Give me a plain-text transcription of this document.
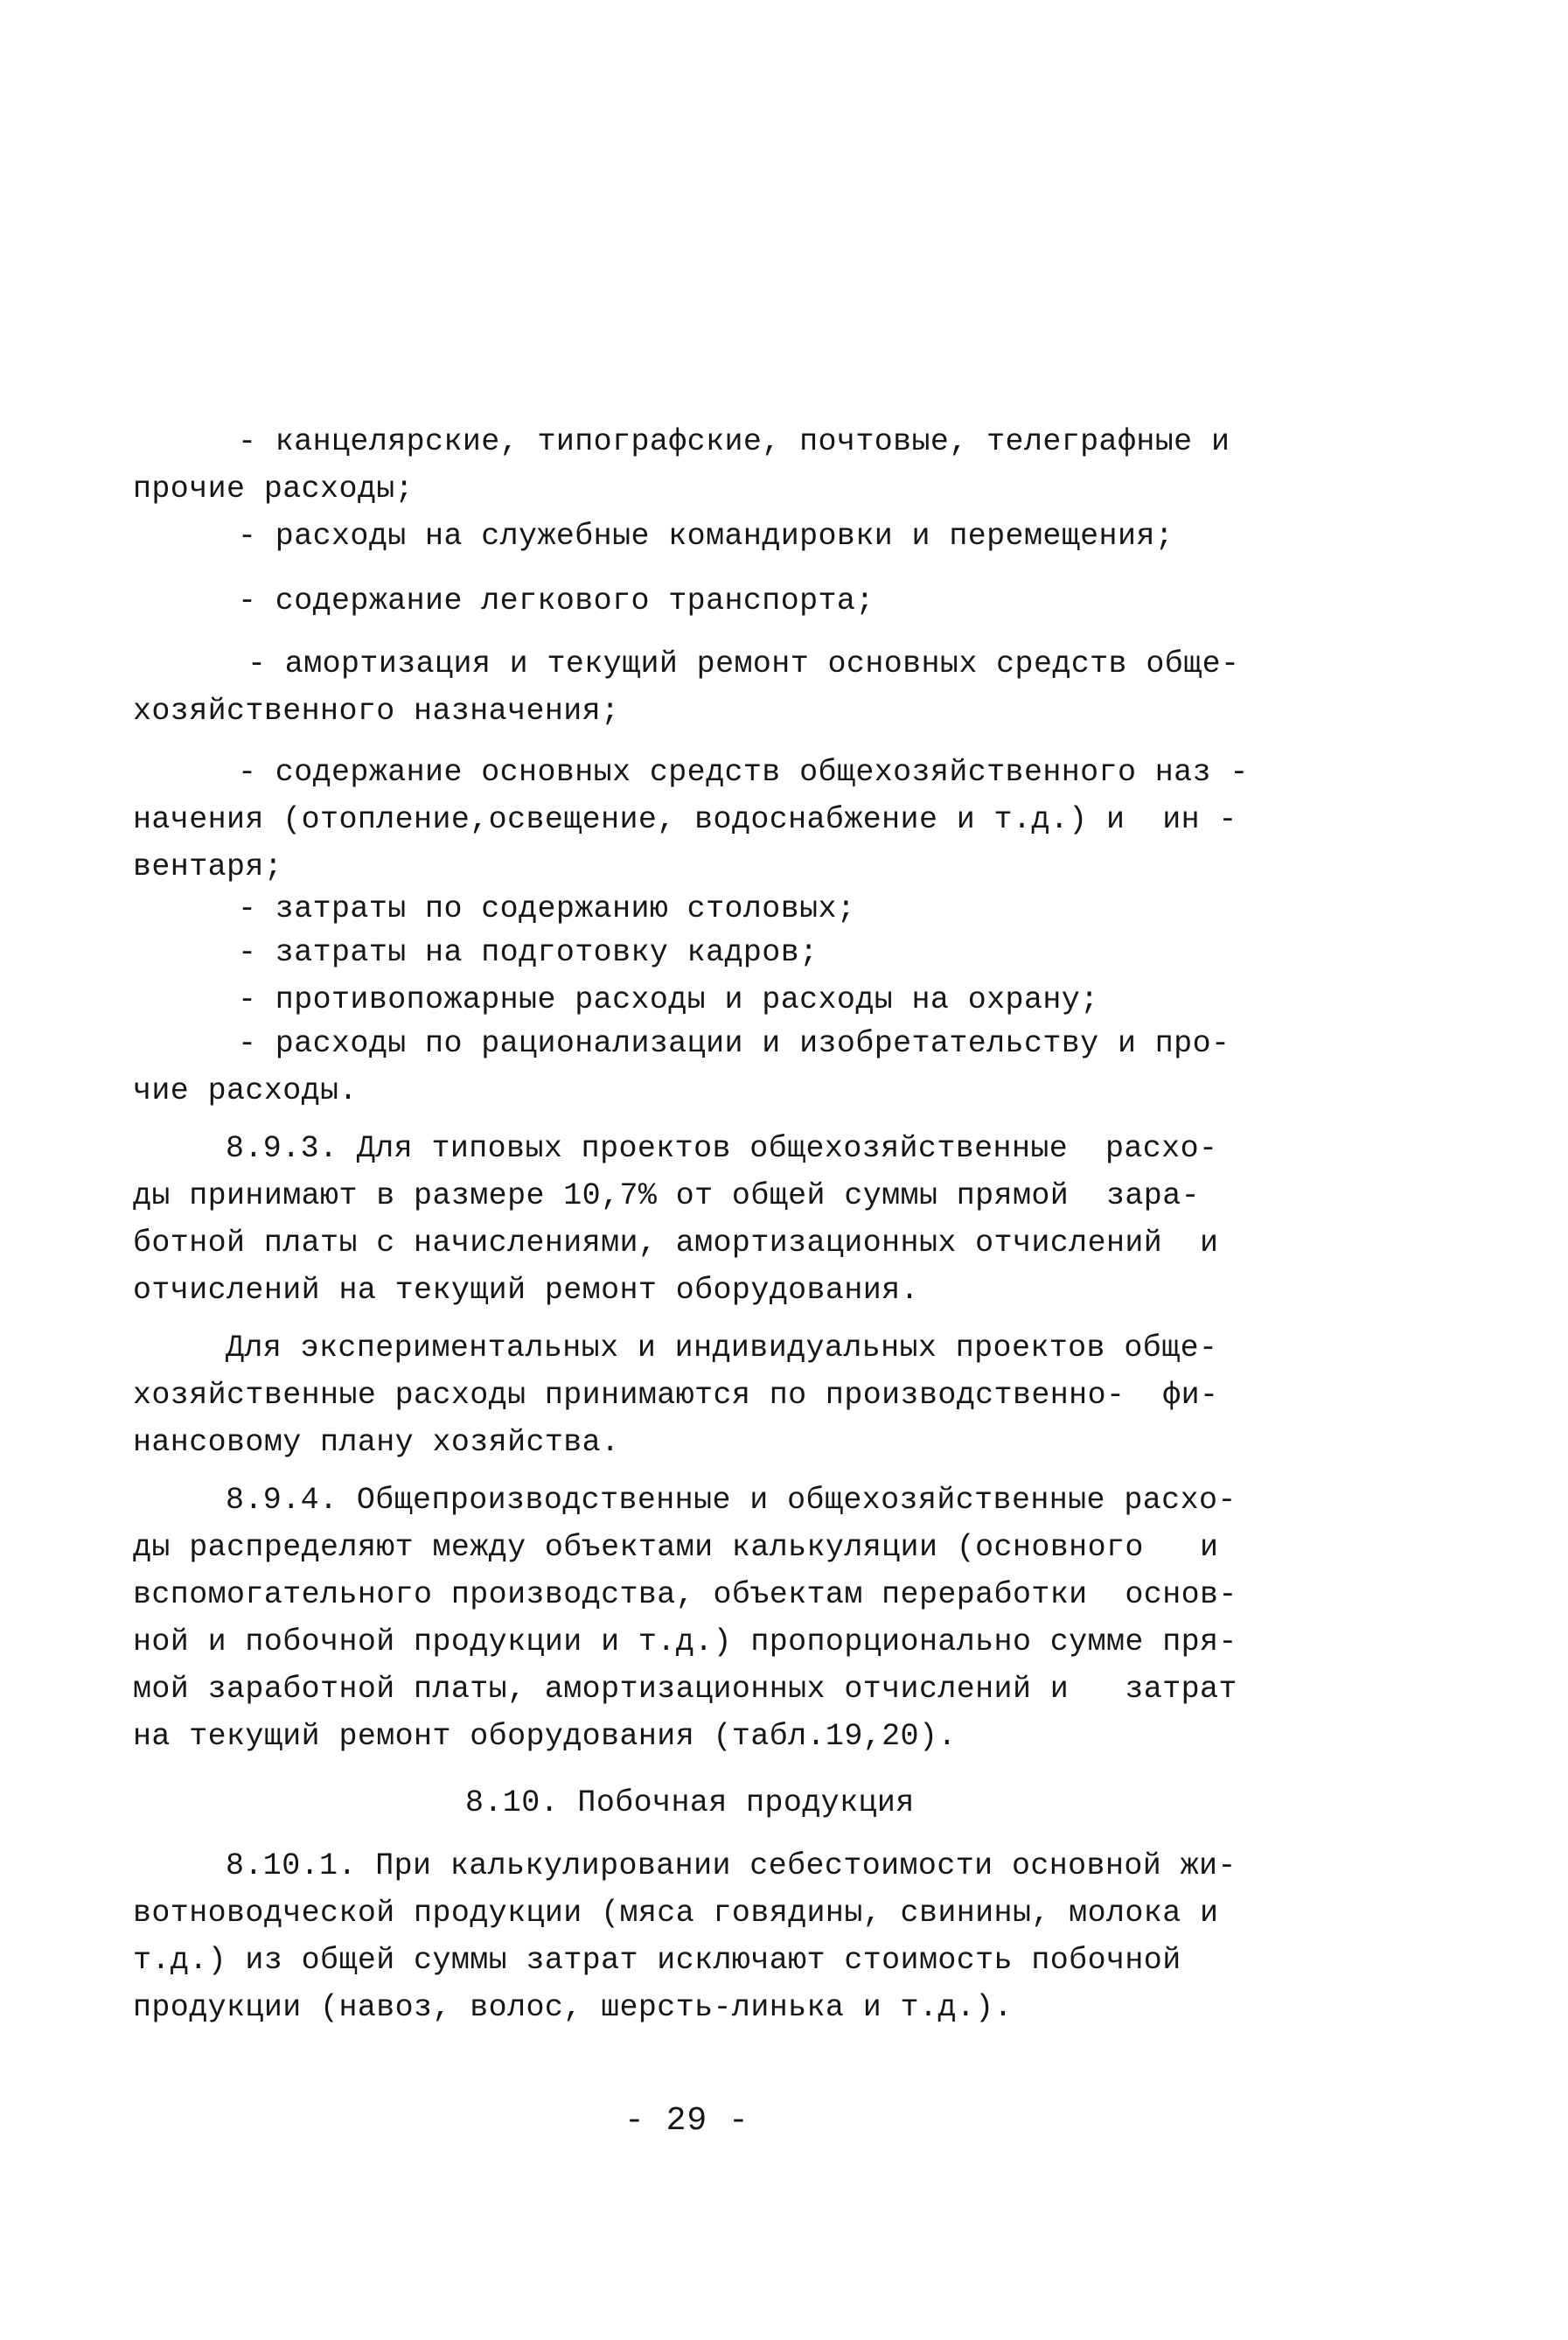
- канцелярские, типографские, почтовые, телеграфные и
прочие расходы;
- расходы на служебные командировки и перемещения;
- содержание легкового транспорта;
- амортизация и текущий ремонт основных средств обще-
хозяйственного назначения;
- содержание основных средств общехозяйственного наз -
начения (отопление,освещение, водоснабжение и т.д.) и  ин -
вентаря;
- затраты по содержанию столовых;
- затраты на подготовку кадров;
- противопожарные расходы и расходы на охрану;
- расходы по рационализации и изобретательству и про-
чие расходы.
8.9.3. Для типовых проектов общехозяйственные  расхо-
ды принимают в размере 10,7% от общей суммы прямой  зара-
ботной платы с начислениями, амортизационных отчислений  и
отчислений на текущий ремонт оборудования.
Для экспериментальных и индивидуальных проектов обще-
хозяйственные расходы принимаются по производственно-  фи-
нансовому плану хозяйства.
8.9.4. Общепроизводственные и общехозяйственные расхо-
ды распределяют между объектами калькуляции (основного   и
вспомогательного производства, объектам переработки  основ-
ной и побочной продукции и т.д.) пропорционально сумме пря-
мой заработной платы, амортизационных отчислений и   затрат
на текущий ремонт оборудования (табл.19,20).
8.10. Побочная продукция
8.10.1. При калькулировании себестоимости основной жи-
вотноводческой продукции (мяса говядины, свинины, молока и
т.д.) из общей суммы затрат исключают стоимость побочной
продукции (навоз, волос, шерсть-линька и т.д.).
- 29 -
